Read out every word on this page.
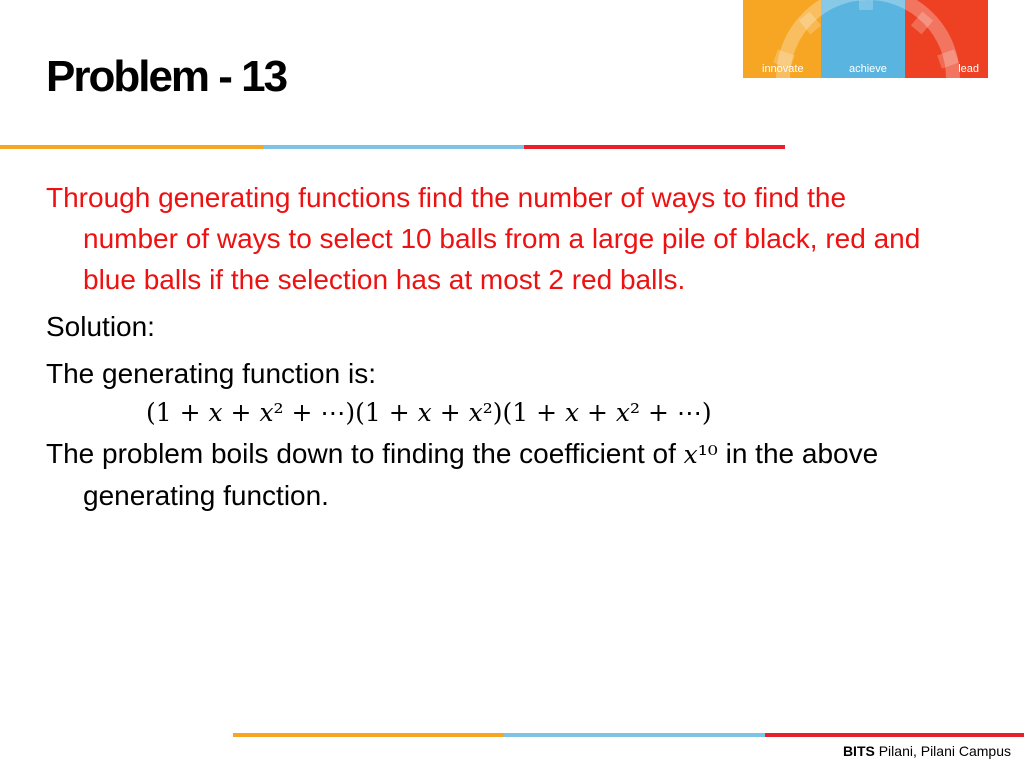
Problem - 13	innovate	achieve	lead

Through generating functions find the number of ways to find the number of ways to select 10 balls from a large pile of black, red and blue balls if the selection has at most 2 red balls.

Solution:

The generating function is:

(1 + 𝑥 + 𝑥² + ⋯)(1 + 𝑥 + 𝑥²)(1 + 𝑥 + 𝑥² + ⋯)

The problem boils down to finding the coefficient of 𝑥¹⁰ in the above generating function.

BITS Pilani, Pilani Campus
